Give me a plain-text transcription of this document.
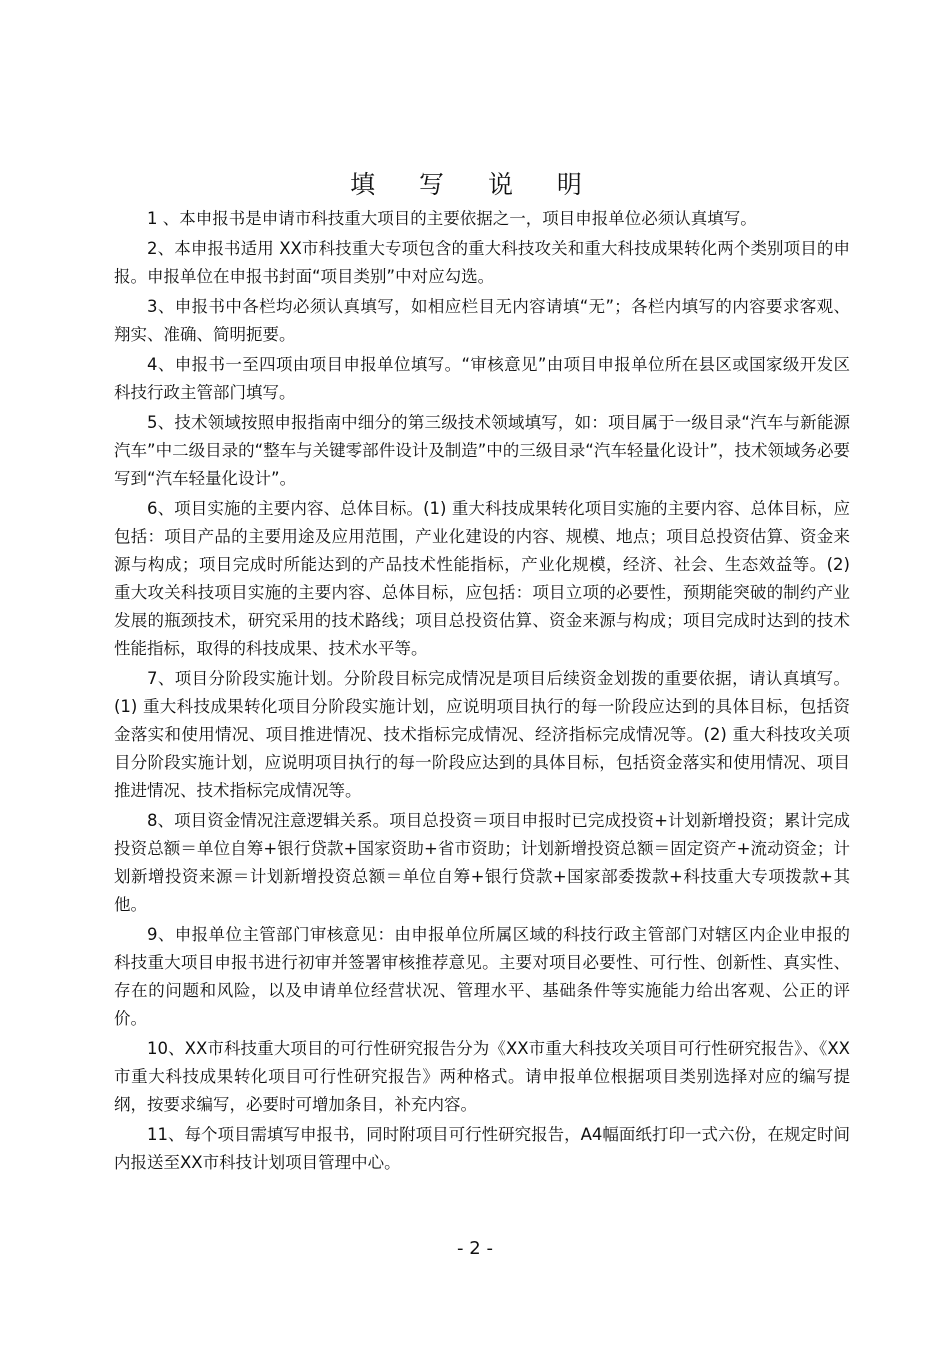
填 写 说 明

1 、本申报书是申请市科技重大项目的主要依据之一，项目申报单位必须认真填写。

2、本申报书适用 XX市科技重大专项包含的重大科技攻关和重大科技成果转化两个类别项目的申报。申报单位在申报书封面“项目类别”中对应勾选。

3、申报书中各栏均必须认真填写，如相应栏目无内容请填“无”；各栏内填写的内容要求客观、翔实、准确、简明扼要。

4、申报书一至四项由项目申报单位填写。“审核意见”由项目申报单位所在县区或国家级开发区科技行政主管部门填写。

5、技术领域按照申报指南中细分的第三级技术领域填写，如：项目属于一级目录“汽车与新能源汽车”中二级目录的“整车与关键零部件设计及制造”中的三级目录“汽车轻量化设计”，技术领域务必要写到“汽车轻量化设计”。

6、项目实施的主要内容、总体目标。(1) 重大科技成果转化项目实施的主要内容、总体目标，应包括：项目产品的主要用途及应用范围，产业化建设的内容、规模、地点；项目总投资估算、资金来源与构成；项目完成时所能达到的产品技术性能指标，产业化规模，经济、社会、生态效益等。(2) 重大攻关科技项目实施的主要内容、总体目标，应包括：项目立项的必要性，预期能突破的制约产业发展的瓶颈技术，研究采用的技术路线；项目总投资估算、资金来源与构成；项目完成时达到的技术性能指标，取得的科技成果、技术水平等。

7、项目分阶段实施计划。分阶段目标完成情况是项目后续资金划拨的重要依据，请认真填写。(1) 重大科技成果转化项目分阶段实施计划，应说明项目执行的每一阶段应达到的具体目标，包括资金落实和使用情况、项目推进情况、技术指标完成情况、经济指标完成情况等。(2) 重大科技攻关项目分阶段实施计划，应说明项目执行的每一阶段应达到的具体目标，包括资金落实和使用情况、项目推进情况、技术指标完成情况等。

8、项目资金情况注意逻辑关系。项目总投资＝项目申报时已完成投资+计划新增投资；累计完成投资总额＝单位自筹+银行贷款+国家资助+省市资助；计划新增投资总额＝固定资产+流动资金；计划新增投资来源＝计划新增投资总额＝单位自筹+银行贷款+国家部委拨款+科技重大专项拨款+其他。

9、申报单位主管部门审核意见：由申报单位所属区域的科技行政主管部门对辖区内企业申报的科技重大项目申报书进行初审并签署审核推荐意见。主要对项目必要性、可行性、创新性、真实性、存在的问题和风险，以及申请单位经营状况、管理水平、基础条件等实施能力给出客观、公正的评价。

10、XX市科技重大项目的可行性研究报告分为《XX市重大科技攻关项目可行性研究报告》、《XX 市重大科技成果转化项目可行性研究报告》两种格式。请申报单位根据项目类别选择对应的编写提纲，按要求编写，必要时可增加条目，补充内容。

11、每个项目需填写申报书，同时附项目可行性研究报告，A4幅面纸打印一式六份，在规定时间内报送至XX市科技计划项目管理中心。

- 2 -
